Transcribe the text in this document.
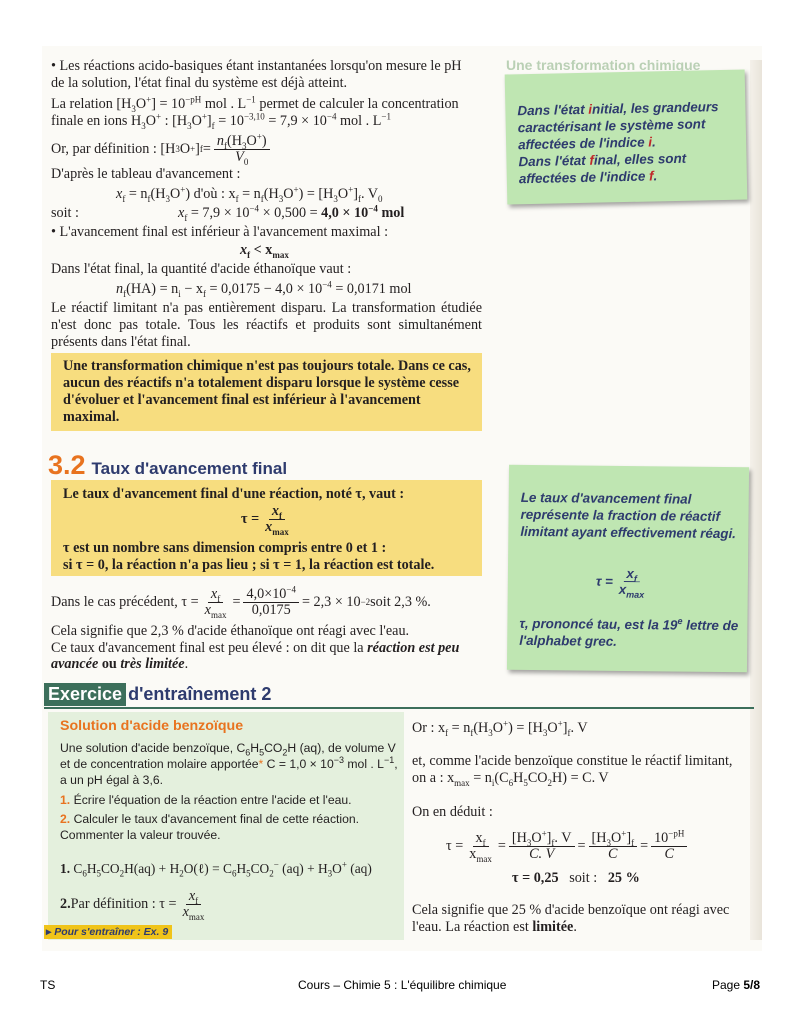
• Les réactions acido-basiques étant instantanées lorsqu'on mesure le pH
de la solution, l'état final du système est déjà atteint.
La relation $[H_3O^+] = 10^{-pH}$ mol . $L^{-1}$ permet de calculer la concentration
finale en ions $H_3O^+$ : $[H_3O^+]_f = 10^{-3,10} = 7,9 \times 10^{-4}$ mol . $L^{-1}$
Or, par définition : [H 3 O + ] $f = \frac{n_f(H_3O^+)}{V_0}$
D'après le tableau d'avancement :
$x_f = n_f(H_3O^+)$ d'où : $x_f = n_f(H_3O^+) = [H_3O^+]_f$. $V_0$
soit :	$x_f = 7,9 \times 10^{-4} \times 0,500 = 4,0 \times 10^{-4}$ mol
• L'avancement final est inférieur à l'avancement maximal :
$x_f < x_{max}$
Dans l'état final, la quantité d'acide éthanoïque vaut :
$n_f(HA) = n_i - x_f = 0,0175 - 4,0 \times 10^{-4} = 0,0171$ mol
Le réactif limitant n'a pas entièrement disparu. La transformation étudiée n'est donc pas totale. Tous les réactifs et produits sont simultanément présents dans l'état final.
Une transformation chimique n'est pas toujours totale. Dans ce cas, aucun des réactifs n'a totalement disparu lorsque le système cesse d'évoluer et l'avancement final est inférieur à l'avancement maximal.
Une transformation chimique
Dans l'état initial, les grandeurs caractérisant le système sont affectées de l'indice i.
Dans l'état final, elles sont affectées de l'indice f.
3.2 Taux d'avancement final
Le taux d'avancement final d'une réaction, noté τ, vaut :
$\tau = \frac{x_f}{x_{max}}$
τ est un nombre sans dimension compris entre 0 et 1 :
si τ = 0, la réaction n'a pas lieu ; si τ = 1, la réaction est totale.
Le taux d'avancement final représente la fraction de réactif limitant ayant effectivement réagi.
$\tau = \frac{x_f}{x_{max}}$
τ, prononcé tau, est la 19e lettre de l'alphabet grec.
Dans le cas précédent, $\tau = \frac{x_f}{x_{max}} = \frac{4,0\times 10^{-4}}{0,0175} = 2,3 \times 10 -2$ soit 2,3 %.
Cela signifie que 2,3 % d'acide éthanoïque ont réagi avec l'eau.
Ce taux d'avancement final est peu élevé : on dit que la réaction est peu
avancée ou très limitée.
Exercice d'entraînement 2
Solution d'acide benzoïque
Une solution d'acide benzoïque, $C_6H_5CO_2H$ (aq), de volume V et de concentration molaire apportée* $C = 1,0 \times 10^{-3}$ mol . $L^{-1}$, a un pH égal à 3,6.
1. Écrire l'équation de la réaction entre l'acide et l'eau.
2. Calculer le taux d'avancement final de cette réaction. Commenter la valeur trouvée.
1. $C_6H_5CO_2H(aq)$ + $H_2O(\ell) = C_6H_5CO_2^-$ $(aq) + H_3O^+$ (aq)
2. Par définition : $\tau = \frac{x_f}{x_{max}}$
▸ Pour s'entraîner : Ex. 9
Or : $x_f = n_f(H_3O^+) = [H_3O^+]_f$. V
et, comme l'acide benzoïque constitue le réactif limitant,
on a : $x_{max} = n_i(C_6H_5CO_2H) = C$. V
On en déduit :
$\tau = \frac{x_f}{x_{max}} = \frac{[H_3O^+]_f. V}{C. V} = \frac{[H_3O^+]_f}{C} = \frac{10^{-pH}}{C}$
τ = 0,25 soit : 25 %
Cela signifie que 25 % d'acide benzoïque ont réagi avec l'eau. La réaction est limitée.
TS	Cours – Chimie 5 : L'équilibre chimique	Page 5/8
